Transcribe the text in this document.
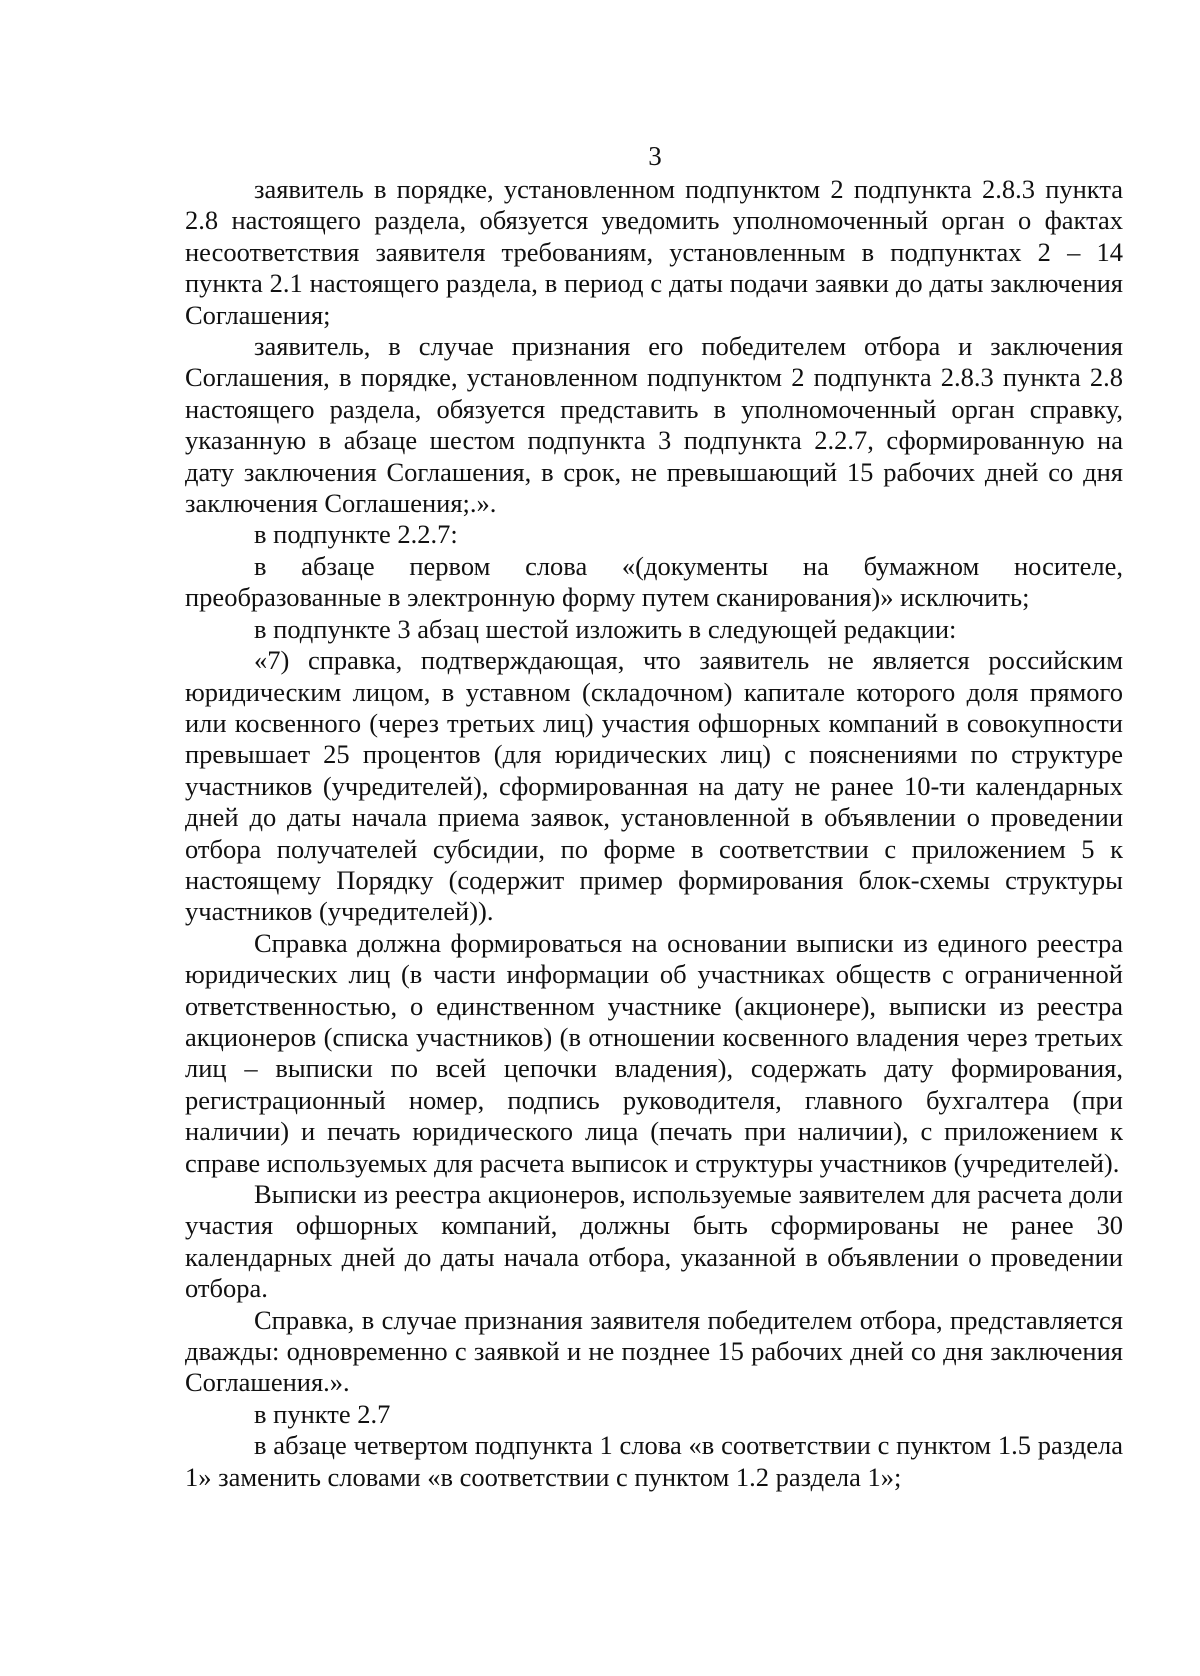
3

заявитель в порядке, установленном подпунктом 2 подпункта 2.8.3 пункта 2.8 настоящего раздела, обязуется уведомить уполномоченный орган о фактах несоответствия заявителя требованиям, установленным в подпунктах 2 – 14 пункта 2.1 настоящего раздела, в период с даты подачи заявки до даты заключения Соглашения;

заявитель, в случае признания его победителем отбора и заключения Соглашения, в порядке, установленном подпунктом 2 подпункта 2.8.3 пункта 2.8 настоящего раздела, обязуется представить в уполномоченный орган справку, указанную в абзаце шестом подпункта 3 подпункта 2.2.7, сформированную на дату заключения Соглашения, в срок, не превышающий 15 рабочих дней со дня заключения Соглашения;.».

в подпункте 2.2.7:

в абзаце первом слова «(документы на бумажном носителе, преобразованные в электронную форму путем сканирования)» исключить;

в подпункте 3 абзац шестой изложить в следующей редакции:

«7) справка, подтверждающая, что заявитель не является российским юридическим лицом, в уставном (складочном) капитале которого доля прямого или косвенного (через третьих лиц) участия офшорных компаний в совокупности превышает 25 процентов (для юридических лиц) с пояснениями по структуре участников (учредителей), сформированная на дату не ранее 10-ти календарных дней до даты начала приема заявок, установленной в объявлении о проведении отбора получателей субсидии, по форме в соответствии с приложением 5 к настоящему Порядку (содержит пример формирования блок-схемы структуры участников (учредителей)).

Справка должна формироваться на основании выписки из единого реестра юридических лиц (в части информации об участниках обществ с ограниченной ответственностью, о единственном участнике (акционере), выписки из реестра акционеров (списка участников) (в отношении косвенного владения через третьих лиц – выписки по всей цепочки владения), содержать дату формирования, регистрационный номер, подпись руководителя, главного бухгалтера (при наличии) и печать юридического лица (печать при наличии), с приложением к справе используемых для расчета выписок и структуры участников (учредителей).

Выписки из реестра акционеров, используемые заявителем для расчета доли участия офшорных компаний, должны быть сформированы не ранее 30 календарных дней до даты начала отбора, указанной в объявлении о проведении отбора.

Справка, в случае признания заявителя победителем отбора, представляется дважды: одновременно с заявкой и не позднее 15 рабочих дней со дня заключения Соглашения.».

в пункте 2.7

в абзаце четвертом подпункта 1 слова «в соответствии с пунктом 1.5 раздела 1» заменить словами «в соответствии с пунктом 1.2 раздела 1»;
